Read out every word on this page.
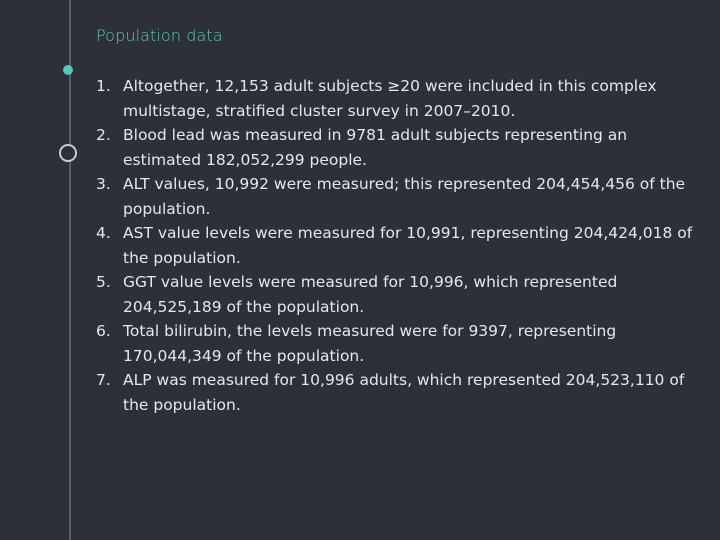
Population data
1. Altogether, 12,153 adult subjects ≥20 were included in this complex multistage, stratified cluster survey in 2007–2010.
2. Blood lead was measured in 9781 adult subjects representing an estimated 182,052,299 people.
3. ALT values, 10,992 were measured; this represented 204,454,456 of the population.
4. AST value levels were measured for 10,991, representing 204,424,018 of the population.
5. GGT value levels were measured for 10,996, which represented 204,525,189 of the population.
6. Total bilirubin, the levels measured were for 9397, representing 170,044,349 of the population.
7. ALP was measured for 10,996 adults, which represented 204,523,110 of the population.
